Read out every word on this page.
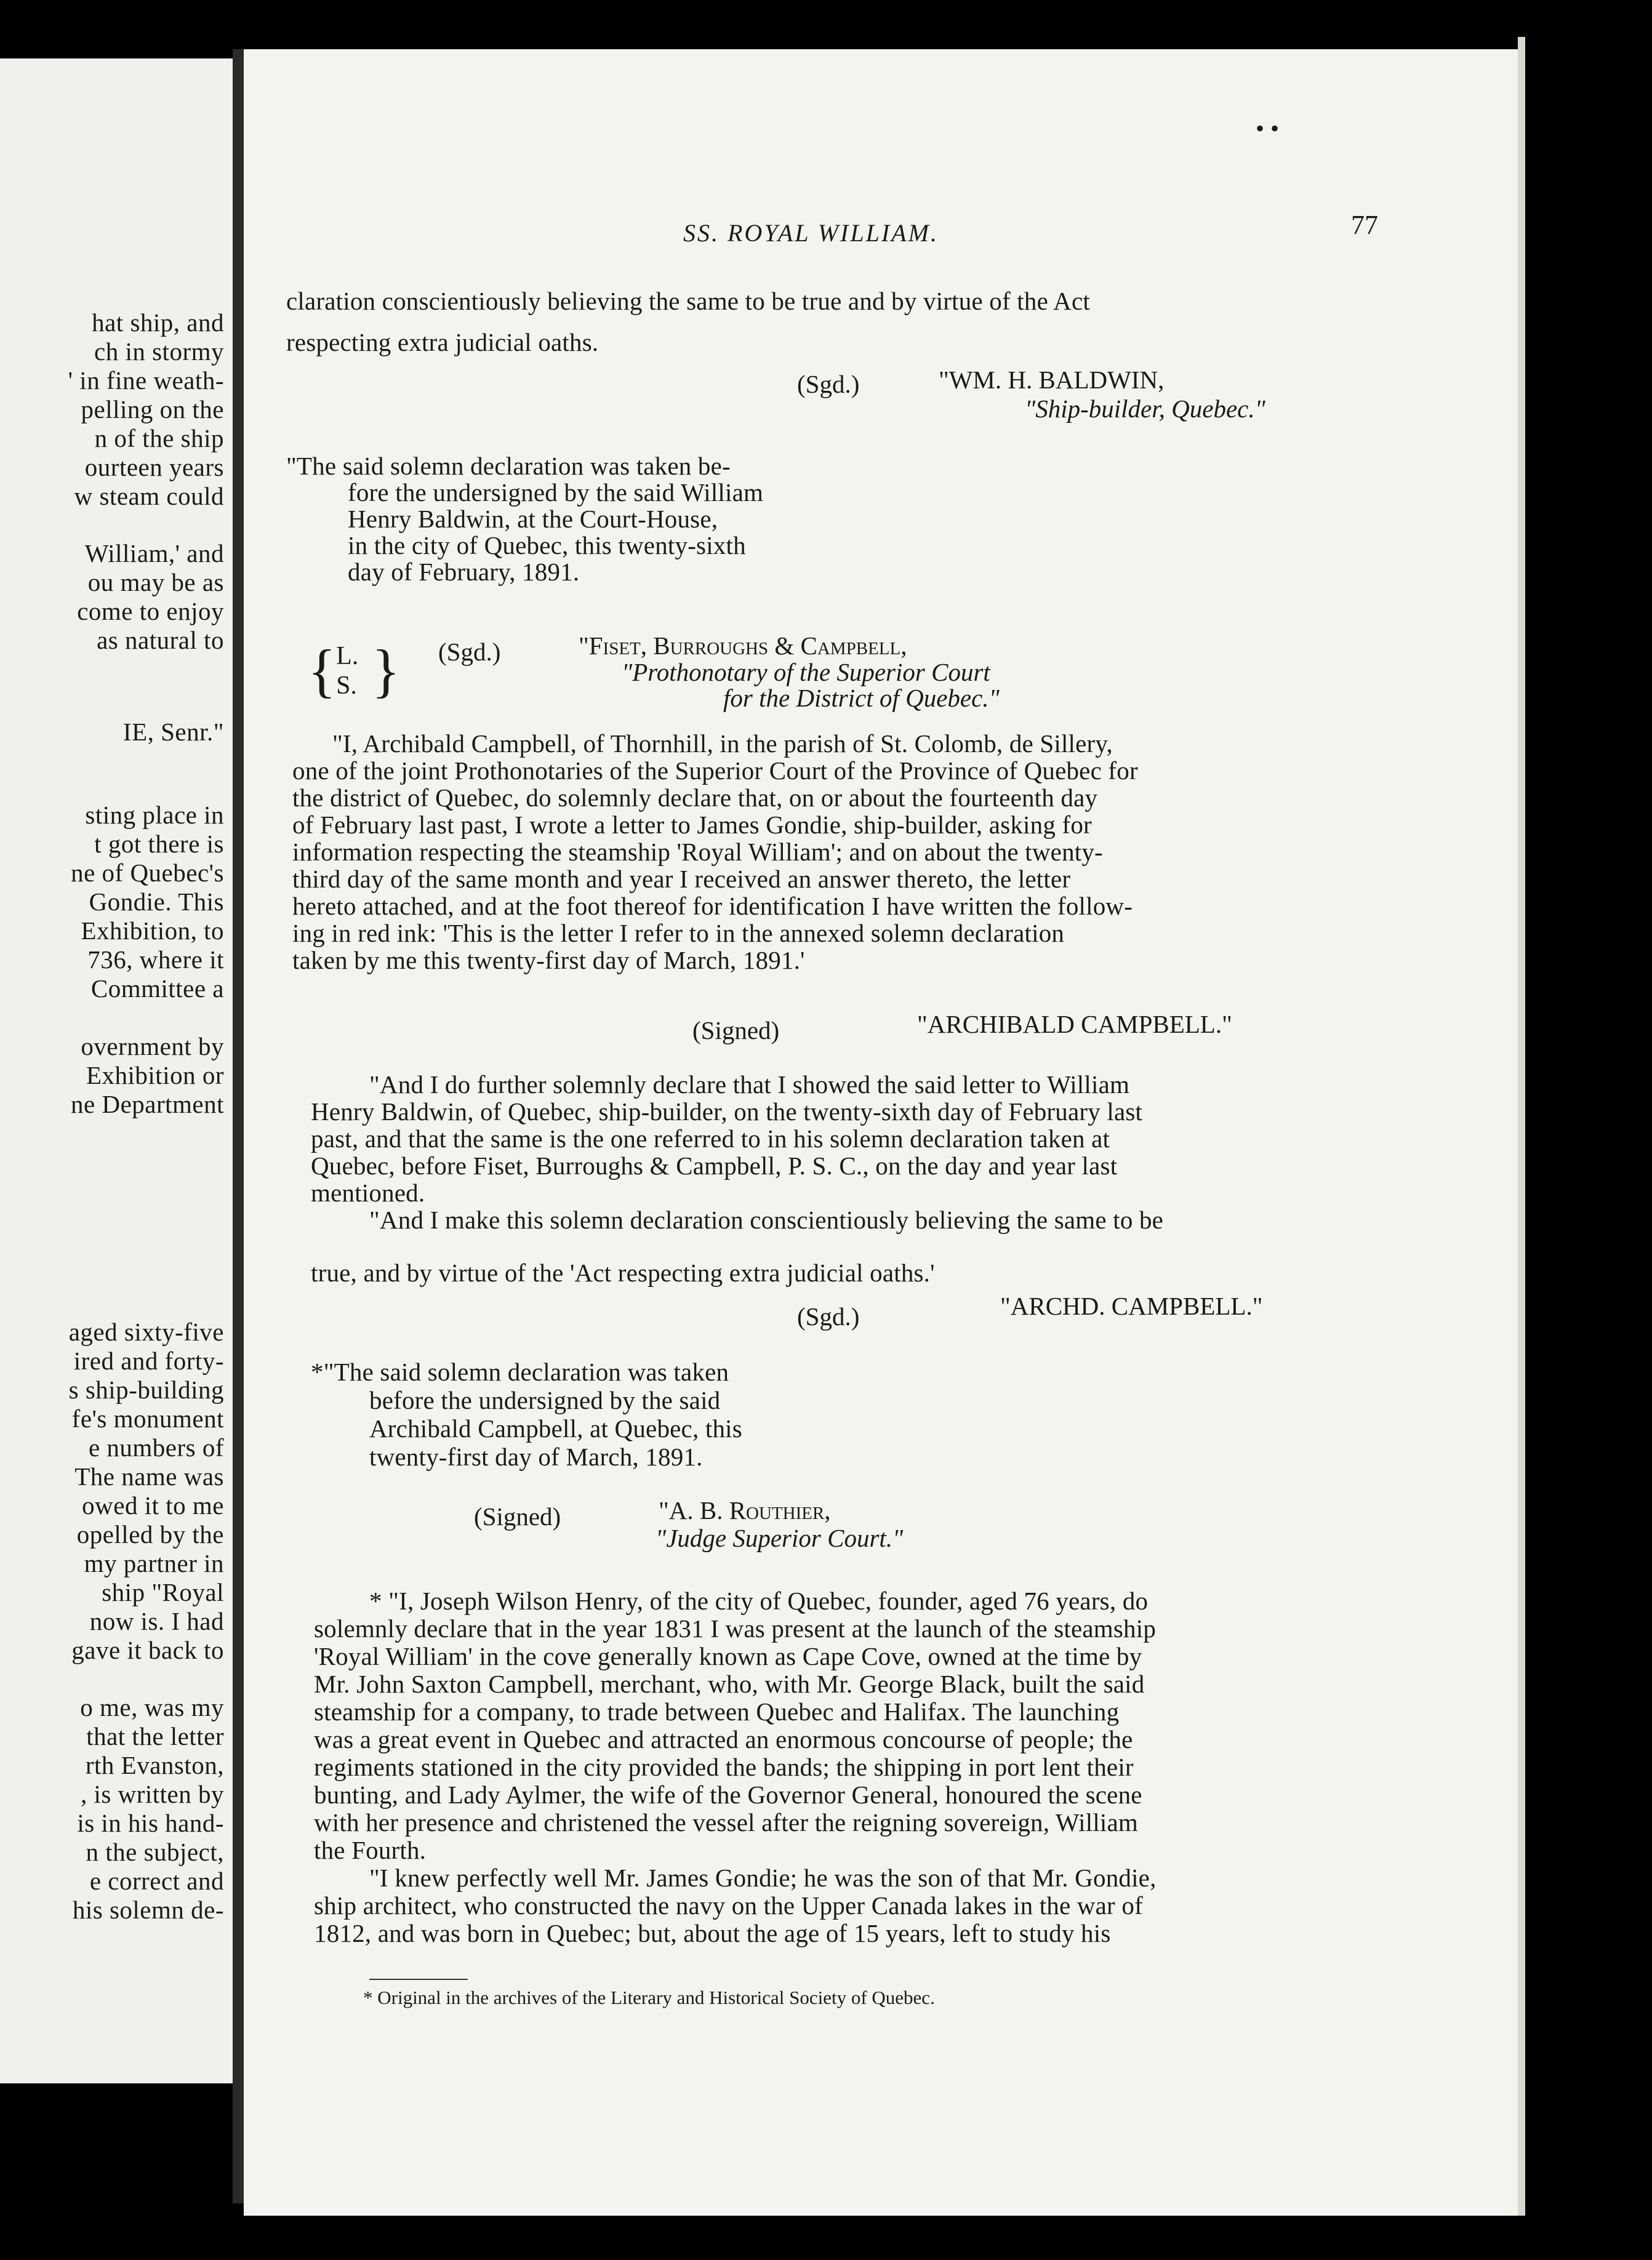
hat ship, and
ch in stormy
' in fine weath-
pelling on the
n of the ship
ourteen years
w steam could
William,' and
ou may be as
come to enjoy
as natural to
IE, Senr."
sting place in
t got there is
ne of Quebec's
Gondie. This
Exhibition, to
736, where it
Committee a
overnment by
Exhibition or
ne Department
aged sixty-five
ired and forty-
s ship-building
fe's monument
e numbers of
The name was
owed it to me
opelled by the
my partner in
ship "Royal
now is. I had
gave it back to
o me, was my
that the letter
rth Evanston,
, is written by
is in his hand-
n the subject,
e correct and
his solemn de-
• •
SS. ROYAL WILLIAM.	77
claration conscientiously believing the same to be true and by virtue of the Act
respecting extra judicial oaths.
"The said solemn declaration was taken be-
fore the undersigned by the said William
Henry Baldwin, at the Court-House,
in the city of Quebec, this twenty-sixth
day of February, 1891.
"I, Archibald Campbell, of Thornhill, in the parish of St. Colomb, de Sillery,
one of the joint Prothonotaries of the Superior Court of the Province of Quebec for
the district of Quebec, do solemnly declare that, on or about the fourteenth day
of February last past, I wrote a letter to James Gondie, ship-builder, asking for
information respecting the steamship 'Royal William'; and on about the twenty-
third day of the same month and year I received an answer thereto, the letter
hereto attached, and at the foot thereof for identification I have written the follow-
ing in red ink: 'This is the letter I refer to in the annexed solemn declaration
taken by me this twenty-first day of March, 1891.'
"And I do further solemnly declare that I showed the said letter to William
Henry Baldwin, of Quebec, ship-builder, on the twenty-sixth day of February last
past, and that the same is the one referred to in his solemn declaration taken at
Quebec, before Fiset, Burroughs & Campbell, P. S. C., on the day and year last
mentioned.
"And I make this solemn declaration conscientiously believing the same to be
true, and by virtue of the 'Act respecting extra judicial oaths.'
*"The said solemn declaration was taken
before the undersigned by the said
Archibald Campbell, at Quebec, this
twenty-first day of March, 1891.
* "I, Joseph Wilson Henry, of the city of Quebec, founder, aged 76 years, do
solemnly declare that in the year 1831 I was present at the launch of the steamship
'Royal William' in the cove generally known as Cape Cove, owned at the time by
Mr. John Saxton Campbell, merchant, who, with Mr. George Black, built the said
steamship for a company, to trade between Quebec and Halifax. The launching
was a great event in Quebec and attracted an enormous concourse of people; the
regiments stationed in the city provided the bands; the shipping in port lent their
bunting, and Lady Aylmer, the wife of the Governor General, honoured the scene
with her presence and christened the vessel after the reigning sovereign, William
the Fourth.
"I knew perfectly well Mr. James Gondie; he was the son of that Mr. Gondie,
ship architect, who constructed the navy on the Upper Canada lakes in the war of
1812, and was born in Quebec; but, about the age of 15 years, left to study his
(Sgd.)	"WM. H. BALDWIN,
"Ship-builder, Quebec."
{ L. S. } (Sgd.)	"Fiset, Burroughs & Campbell,
"Prothonotary of the Superior Court
for the District of Quebec."
(Signed)	"ARCHIBALD CAMPBELL."
(Sgd.)	"ARCHD. CAMPBELL."
(Signed)	"A. B. Routhier,
"Judge Superior Court."
* Original in the archives of the Literary and Historical Society of Quebec.
